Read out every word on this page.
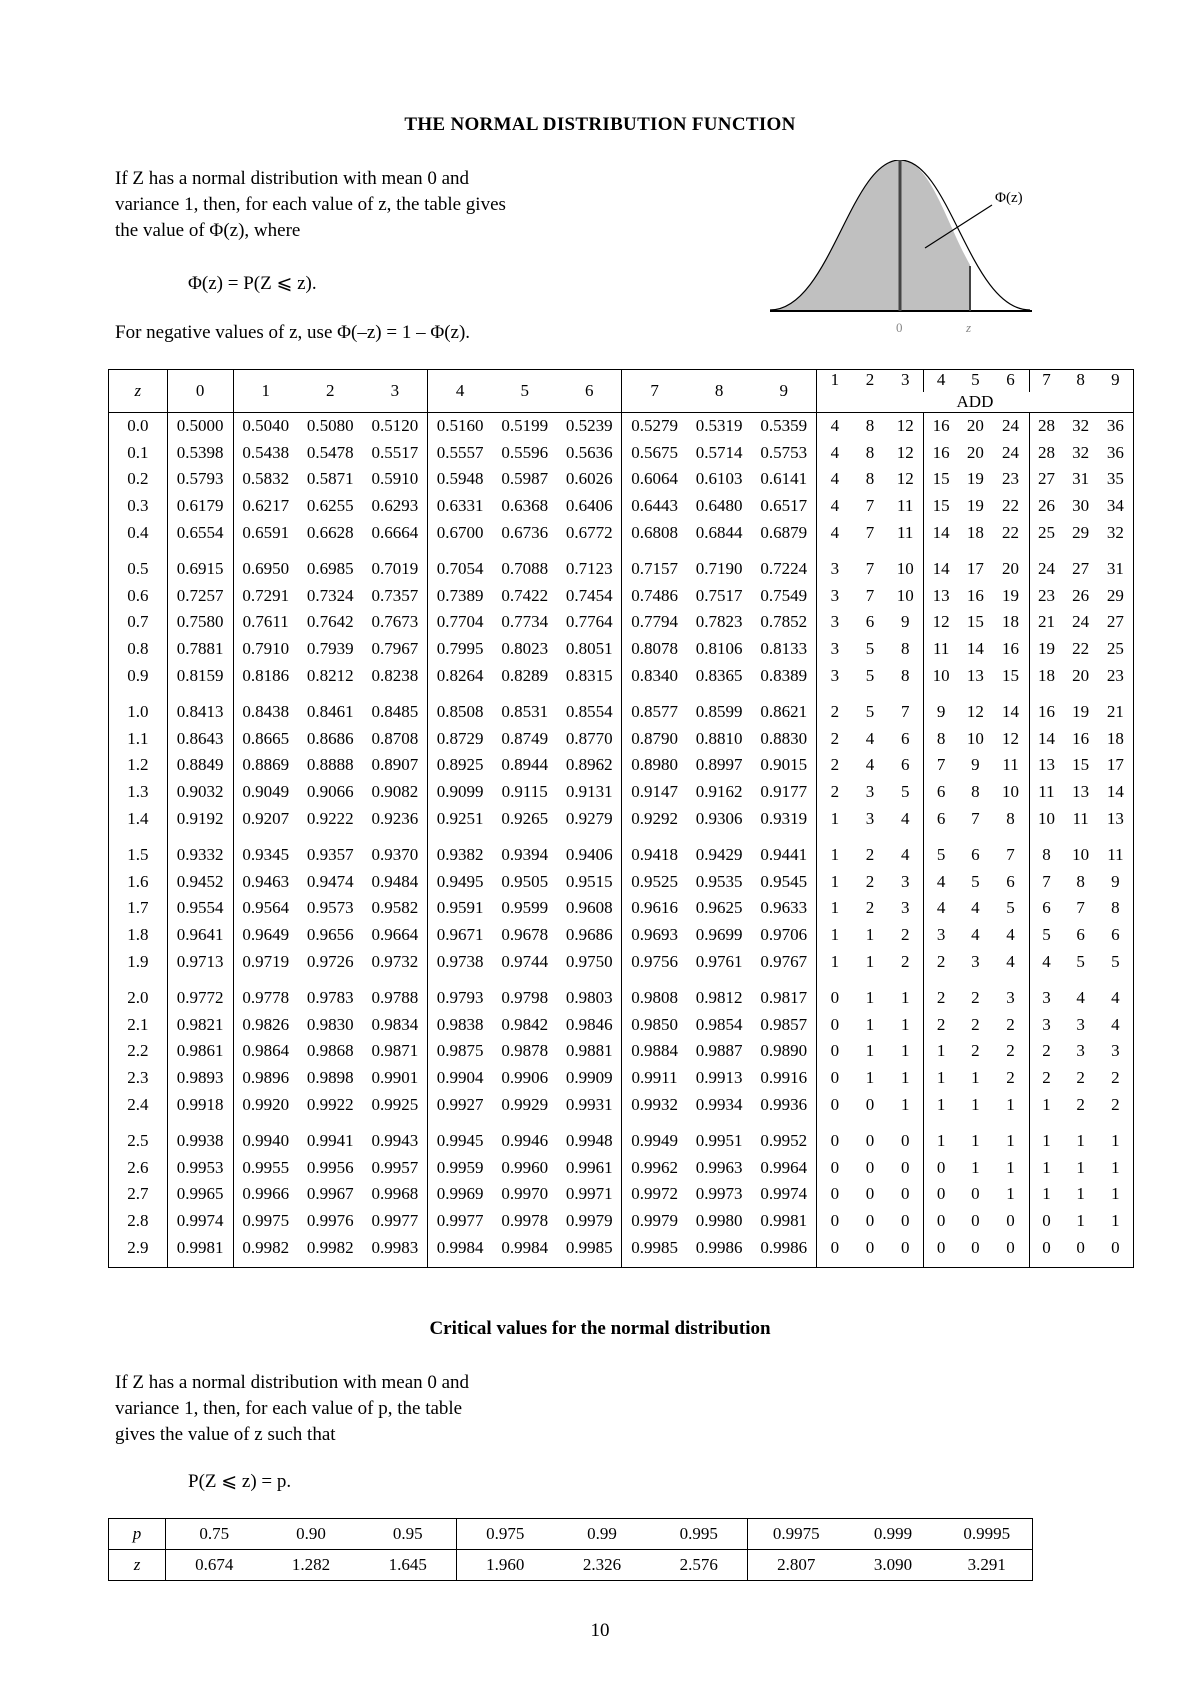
THE NORMAL DISTRIBUTION FUNCTION
If Z has a normal distribution with mean 0 and
variance 1, then, for each value of z, the table gives
the value of Φ(z), where
Φ(z) = P(Z ⩽ z).
For negative values of z, use Φ(–z) = 1 – Φ(z).
Φ(z)
0	z
z	0	1	2	3	4	5	6	7	8	9	1	2	3	4	5	6	7	8	9
											ADD								
0.0	0.5000	0.5040	0.5080	0.5120	0.5160	0.5199	0.5239	0.5279	0.5319	0.5359	4	8	12	16	20	24	28	32	36
0.1	0.5398	0.5438	0.5478	0.5517	0.5557	0.5596	0.5636	0.5675	0.5714	0.5753	4	8	12	16	20	24	28	32	36
0.2	0.5793	0.5832	0.5871	0.5910	0.5948	0.5987	0.6026	0.6064	0.6103	0.6141	4	8	12	15	19	23	27	31	35
0.3	0.6179	0.6217	0.6255	0.6293	0.6331	0.6368	0.6406	0.6443	0.6480	0.6517	4	7	11	15	19	22	26	30	34
0.4	0.6554	0.6591	0.6628	0.6664	0.6700	0.6736	0.6772	0.6808	0.6844	0.6879	4	7	11	14	18	22	25	29	32
0.5	0.6915	0.6950	0.6985	0.7019	0.7054	0.7088	0.7123	0.7157	0.7190	0.7224	3	7	10	14	17	20	24	27	31
0.6	0.7257	0.7291	0.7324	0.7357	0.7389	0.7422	0.7454	0.7486	0.7517	0.7549	3	7	10	13	16	19	23	26	29
0.7	0.7580	0.7611	0.7642	0.7673	0.7704	0.7734	0.7764	0.7794	0.7823	0.7852	3	6	9	12	15	18	21	24	27
0.8	0.7881	0.7910	0.7939	0.7967	0.7995	0.8023	0.8051	0.8078	0.8106	0.8133	3	5	8	11	14	16	19	22	25
0.9	0.8159	0.8186	0.8212	0.8238	0.8264	0.8289	0.8315	0.8340	0.8365	0.8389	3	5	8	10	13	15	18	20	23
1.0	0.8413	0.8438	0.8461	0.8485	0.8508	0.8531	0.8554	0.8577	0.8599	0.8621	2	5	7	9	12	14	16	19	21
1.1	0.8643	0.8665	0.8686	0.8708	0.8729	0.8749	0.8770	0.8790	0.8810	0.8830	2	4	6	8	10	12	14	16	18
1.2	0.8849	0.8869	0.8888	0.8907	0.8925	0.8944	0.8962	0.8980	0.8997	0.9015	2	4	6	7	9	11	13	15	17
1.3	0.9032	0.9049	0.9066	0.9082	0.9099	0.9115	0.9131	0.9147	0.9162	0.9177	2	3	5	6	8	10	11	13	14
1.4	0.9192	0.9207	0.9222	0.9236	0.9251	0.9265	0.9279	0.9292	0.9306	0.9319	1	3	4	6	7	8	10	11	13
1.5	0.9332	0.9345	0.9357	0.9370	0.9382	0.9394	0.9406	0.9418	0.9429	0.9441	1	2	4	5	6	7	8	10	11
1.6	0.9452	0.9463	0.9474	0.9484	0.9495	0.9505	0.9515	0.9525	0.9535	0.9545	1	2	3	4	5	6	7	8	9
1.7	0.9554	0.9564	0.9573	0.9582	0.9591	0.9599	0.9608	0.9616	0.9625	0.9633	1	2	3	4	4	5	6	7	8
1.8	0.9641	0.9649	0.9656	0.9664	0.9671	0.9678	0.9686	0.9693	0.9699	0.9706	1	1	2	3	4	4	5	6	6
1.9	0.9713	0.9719	0.9726	0.9732	0.9738	0.9744	0.9750	0.9756	0.9761	0.9767	1	1	2	2	3	4	4	5	5
2.0	0.9772	0.9778	0.9783	0.9788	0.9793	0.9798	0.9803	0.9808	0.9812	0.9817	0	1	1	2	2	3	3	4	4
2.1	0.9821	0.9826	0.9830	0.9834	0.9838	0.9842	0.9846	0.9850	0.9854	0.9857	0	1	1	2	2	2	3	3	4
2.2	0.9861	0.9864	0.9868	0.9871	0.9875	0.9878	0.9881	0.9884	0.9887	0.9890	0	1	1	1	2	2	2	3	3
2.3	0.9893	0.9896	0.9898	0.9901	0.9904	0.9906	0.9909	0.9911	0.9913	0.9916	0	1	1	1	1	2	2	2	2
2.4	0.9918	0.9920	0.9922	0.9925	0.9927	0.9929	0.9931	0.9932	0.9934	0.9936	0	0	1	1	1	1	1	2	2
2.5	0.9938	0.9940	0.9941	0.9943	0.9945	0.9946	0.9948	0.9949	0.9951	0.9952	0	0	0	1	1	1	1	1	1
2.6	0.9953	0.9955	0.9956	0.9957	0.9959	0.9960	0.9961	0.9962	0.9963	0.9964	0	0	0	0	1	1	1	1	1
2.7	0.9965	0.9966	0.9967	0.9968	0.9969	0.9970	0.9971	0.9972	0.9973	0.9974	0	0	0	0	0	1	1	1	1
2.8	0.9974	0.9975	0.9976	0.9977	0.9977	0.9978	0.9979	0.9979	0.9980	0.9981	0	0	0	0	0	0	0	1	1
2.9	0.9981	0.9982	0.9982	0.9983	0.9984	0.9984	0.9985	0.9985	0.9986	0.9986	0	0	0	0	0	0	0	0	0
Critical values for the normal distribution
If Z has a normal distribution with mean 0 and
variance 1, then, for each value of p, the table
gives the value of z such that
P(Z ⩽ z) = p.
p	0.75	0.90	0.95	0.975	0.99	0.995	0.9975	0.999	0.9995
z	0.674	1.282	1.645	1.960	2.326	2.576	2.807	3.090	3.291
10
